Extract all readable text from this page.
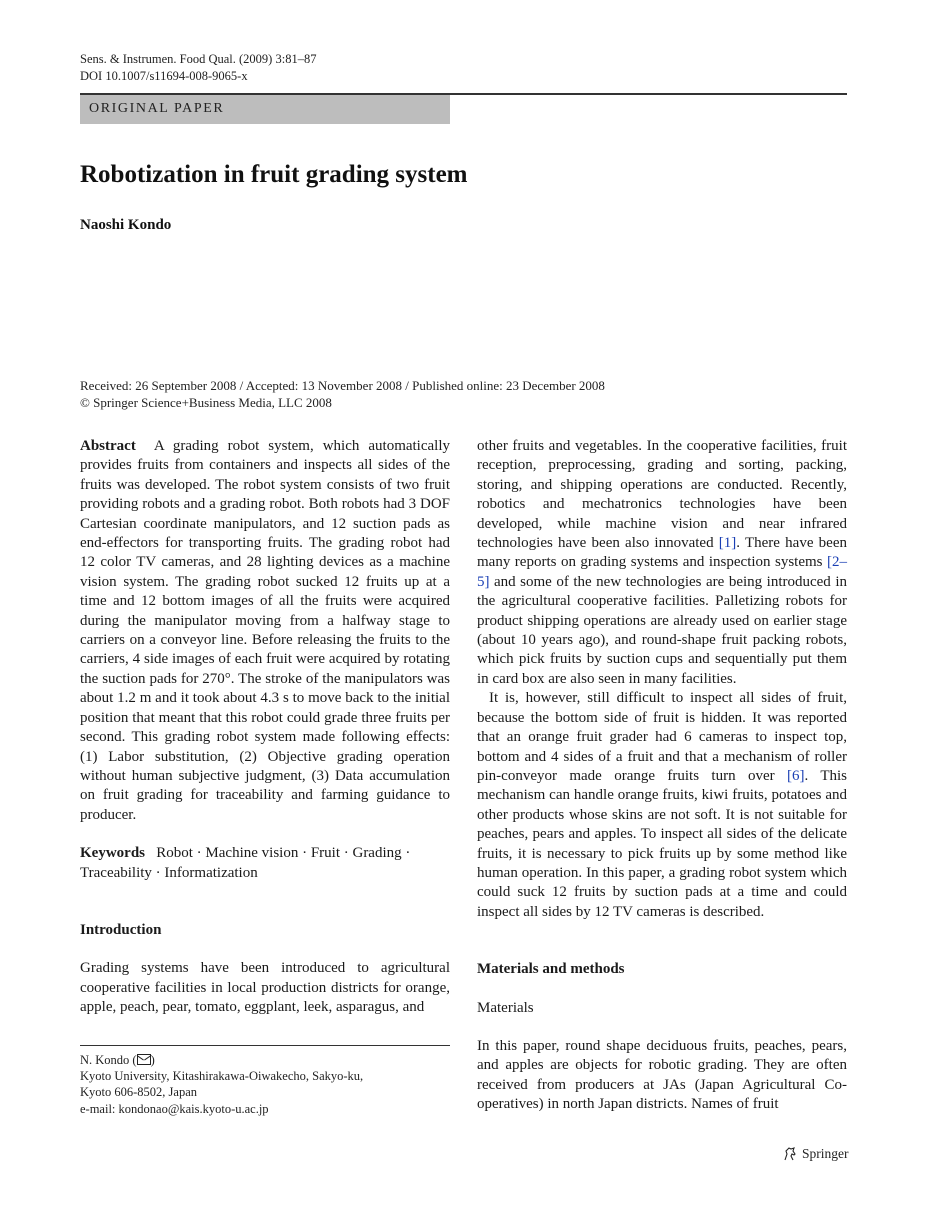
Sens. & Instrumen. Food Qual. (2009) 3:81–87
DOI 10.1007/s11694-008-9065-x
ORIGINAL PAPER
Robotization in fruit grading system
Naoshi Kondo
Received: 26 September 2008 / Accepted: 13 November 2008 / Published online: 23 December 2008
© Springer Science+Business Media, LLC 2008

Abstract A grading robot system, which automatically provides fruits from containers and inspects all sides of the fruits was developed. The robot system consists of two fruit providing robots and a grading robot. Both robots had 3 DOF Cartesian coordinate manipulators, and 12 suction pads as end-effectors for transporting fruits. The grading robot had 12 color TV cameras, and 28 lighting devices as a machine vision system. The grading robot sucked 12 fruits up at a time and 12 bottom images of all the fruits were acquired during the manipulator moving from a halfway stage to carriers on a conveyor line. Before releasing the fruits to the carriers, 4 side images of each fruit were acquired by rotating the suction pads for 270°. The stroke of the manipulators was about 1.2 m and it took about 4.3 s to move back to the initial position that meant that this robot could grade three fruits per second. This grading robot system made following effects: (1) Labor substitution, (2) Objective grading operation without human subjective judgment, (3) Data accumulation on fruit grading for traceability and farming guidance to producer.

Keywords Robot · Machine vision · Fruit · Grading · Traceability · Informatization

Introduction

Grading systems have been introduced to agricultural cooperative facilities in local production districts for orange, apple, peach, pear, tomato, eggplant, leek, asparagus, and

other fruits and vegetables. In the cooperative facilities, fruit reception, preprocessing, grading and sorting, packing, storing, and shipping operations are conducted. Recently, robotics and mechatronics technologies have been developed, while machine vision and near infrared technologies have been also innovated [1]. There have been many reports on grading systems and inspection systems [2–5] and some of the new technologies are being introduced in the agricultural cooperative facilities. Palletizing robots for product shipping operations are already used on earlier stage (about 10 years ago), and round-shape fruit packing robots, which pick fruits by suction cups and sequentially put them in card box are also seen in many facilities.

It is, however, still difficult to inspect all sides of fruit, because the bottom side of fruit is hidden. It was reported that an orange fruit grader had 6 cameras to inspect top, bottom and 4 sides of a fruit and that a mechanism of roller pin-conveyor made orange fruits turn over [6]. This mechanism can handle orange fruits, kiwi fruits, potatoes and other products whose skins are not soft. It is not suitable for peaches, pears and apples. To inspect all sides of the delicate fruits, it is necessary to pick fruits up by some method like human operation. In this paper, a grading robot system which could suck 12 fruits by suction pads at a time and could inspect all sides by 12 TV cameras is described.

Materials and methods

Materials

In this paper, round shape deciduous fruits, peaches, pears, and apples are objects for robotic grading. They are often received from producers at JAs (Japan Agricultural Co-operatives) in north Japan districts. Names of fruit

N. Kondo ( )
Kyoto University, Kitashirakawa-Oiwakecho, Sakyo-ku,
Kyoto 606-8502, Japan
e-mail: kondonao@kais.kyoto-u.ac.jp
Springer
